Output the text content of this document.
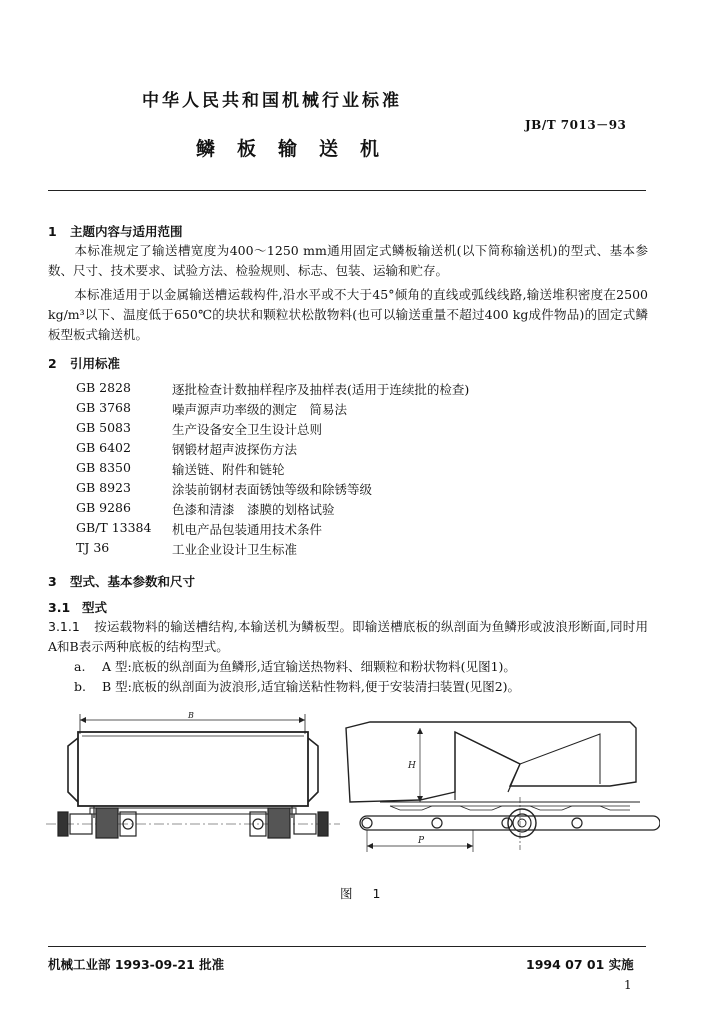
中华人民共和国机械行业标准
JB/T 7013－93
鳞板输送机
1 主题内容与适用范围
本标准规定了输送槽宽度为400～1250 mm通用固定式鳞板输送机(以下简称输送机)的型式、基本参数、尺寸、技术要求、试验方法、检验规则、标志、包装、运输和贮存。
本标准适用于以金属输送槽运载构件,沿水平或不大于45°倾角的直线或弧线线路,输送堆积密度在2500 kg/m³以下、温度低于650℃的块状和颗粒状松散物料(也可以输送重量不超过400 kg成件物品)的固定式鳞板型板式输送机。
2 引用标准
GB 2828	逐批检查计数抽样程序及抽样表(适用于连续批的检查)
GB 3768	噪声源声功率级的测定　简易法
GB 5083	生产设备安全卫生设计总则
GB 6402	钢锻材超声波探伤方法
GB 8350	输送链、附件和链轮
GB 8923	涂装前钢材表面锈蚀等级和除锈等级
GB 9286	色漆和清漆　漆膜的划格试验
GB/T 13384 机电产品包装通用技术条件
TJ 36	工业企业设计卫生标准
3 型式、基本参数和尺寸
3.1 型式
3.1.1 按运载物料的输送槽结构,本输送机为鳞板型。即输送槽底板的纵剖面为鱼鳞形或波浪形断面,同时用A和B表示两种底板的结构型式。
a. A 型:底板的纵剖面为鱼鳞形,适宜输送热物料、细颗粒和粉状物料(见图1)。
b. B 型:底板的纵剖面为波浪形,适宜输送粘性物料,便于安装清扫装置(见图2)。
B
H
P
图 1
机械工业部 1993-09-21 批准	1994 07 01 实施
1
